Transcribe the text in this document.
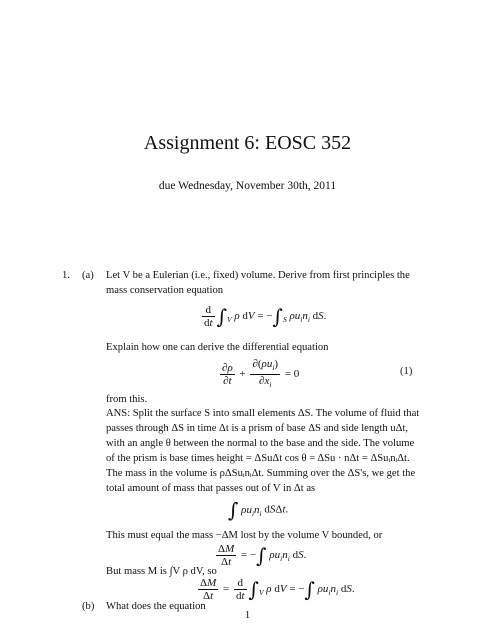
Assignment 6: EOSC 352
due Wednesday, November 30th, 2011
1. (a) Let V be a Eulerian (i.e., fixed) volume. Derive from first principles the
mass conservation equation
$\frac{d}{dt} \int_V$ ρ dV = $-\int_S$ $\rho u_in_i$ dS.
Explain how one can derive the differential equation
$\frac{\partial\rho}{\partial t} + \frac{\partial(\rho u_i)}{\partial x_i} = 0$	(1)
from this.
ANS: Split the surface S into small elements ΔS. The volume of fluid that
passes through ΔS in time Δt is a prism of base ΔS and side length uΔt,
with an angle θ between the normal to the base and the side. The volume
of the prism is base times height = ΔSuΔt cos θ = ΔSu · nΔt = ΔSuᵢnᵢΔt.
The mass in the volume is ρΔSuᵢnᵢΔt. Summing over the ΔS's, we get the
total amount of mass that passes out of V in Δt as
∫ $\rho u_in_i$ dSΔt.
This must equal the mass −ΔM lost by the volume V bounded, or
$\frac{\Delta M}{\Delta t}$ = −∫ $\rho u_in_i$ dS.
But mass M is ∫V ρ dV, so
$\frac{\Delta M}{\Delta t} = \frac{d}{dt} \int_V$ ρ dV = −∫ $\rho u_in_i$ dS.
(b) What does the equation
1
